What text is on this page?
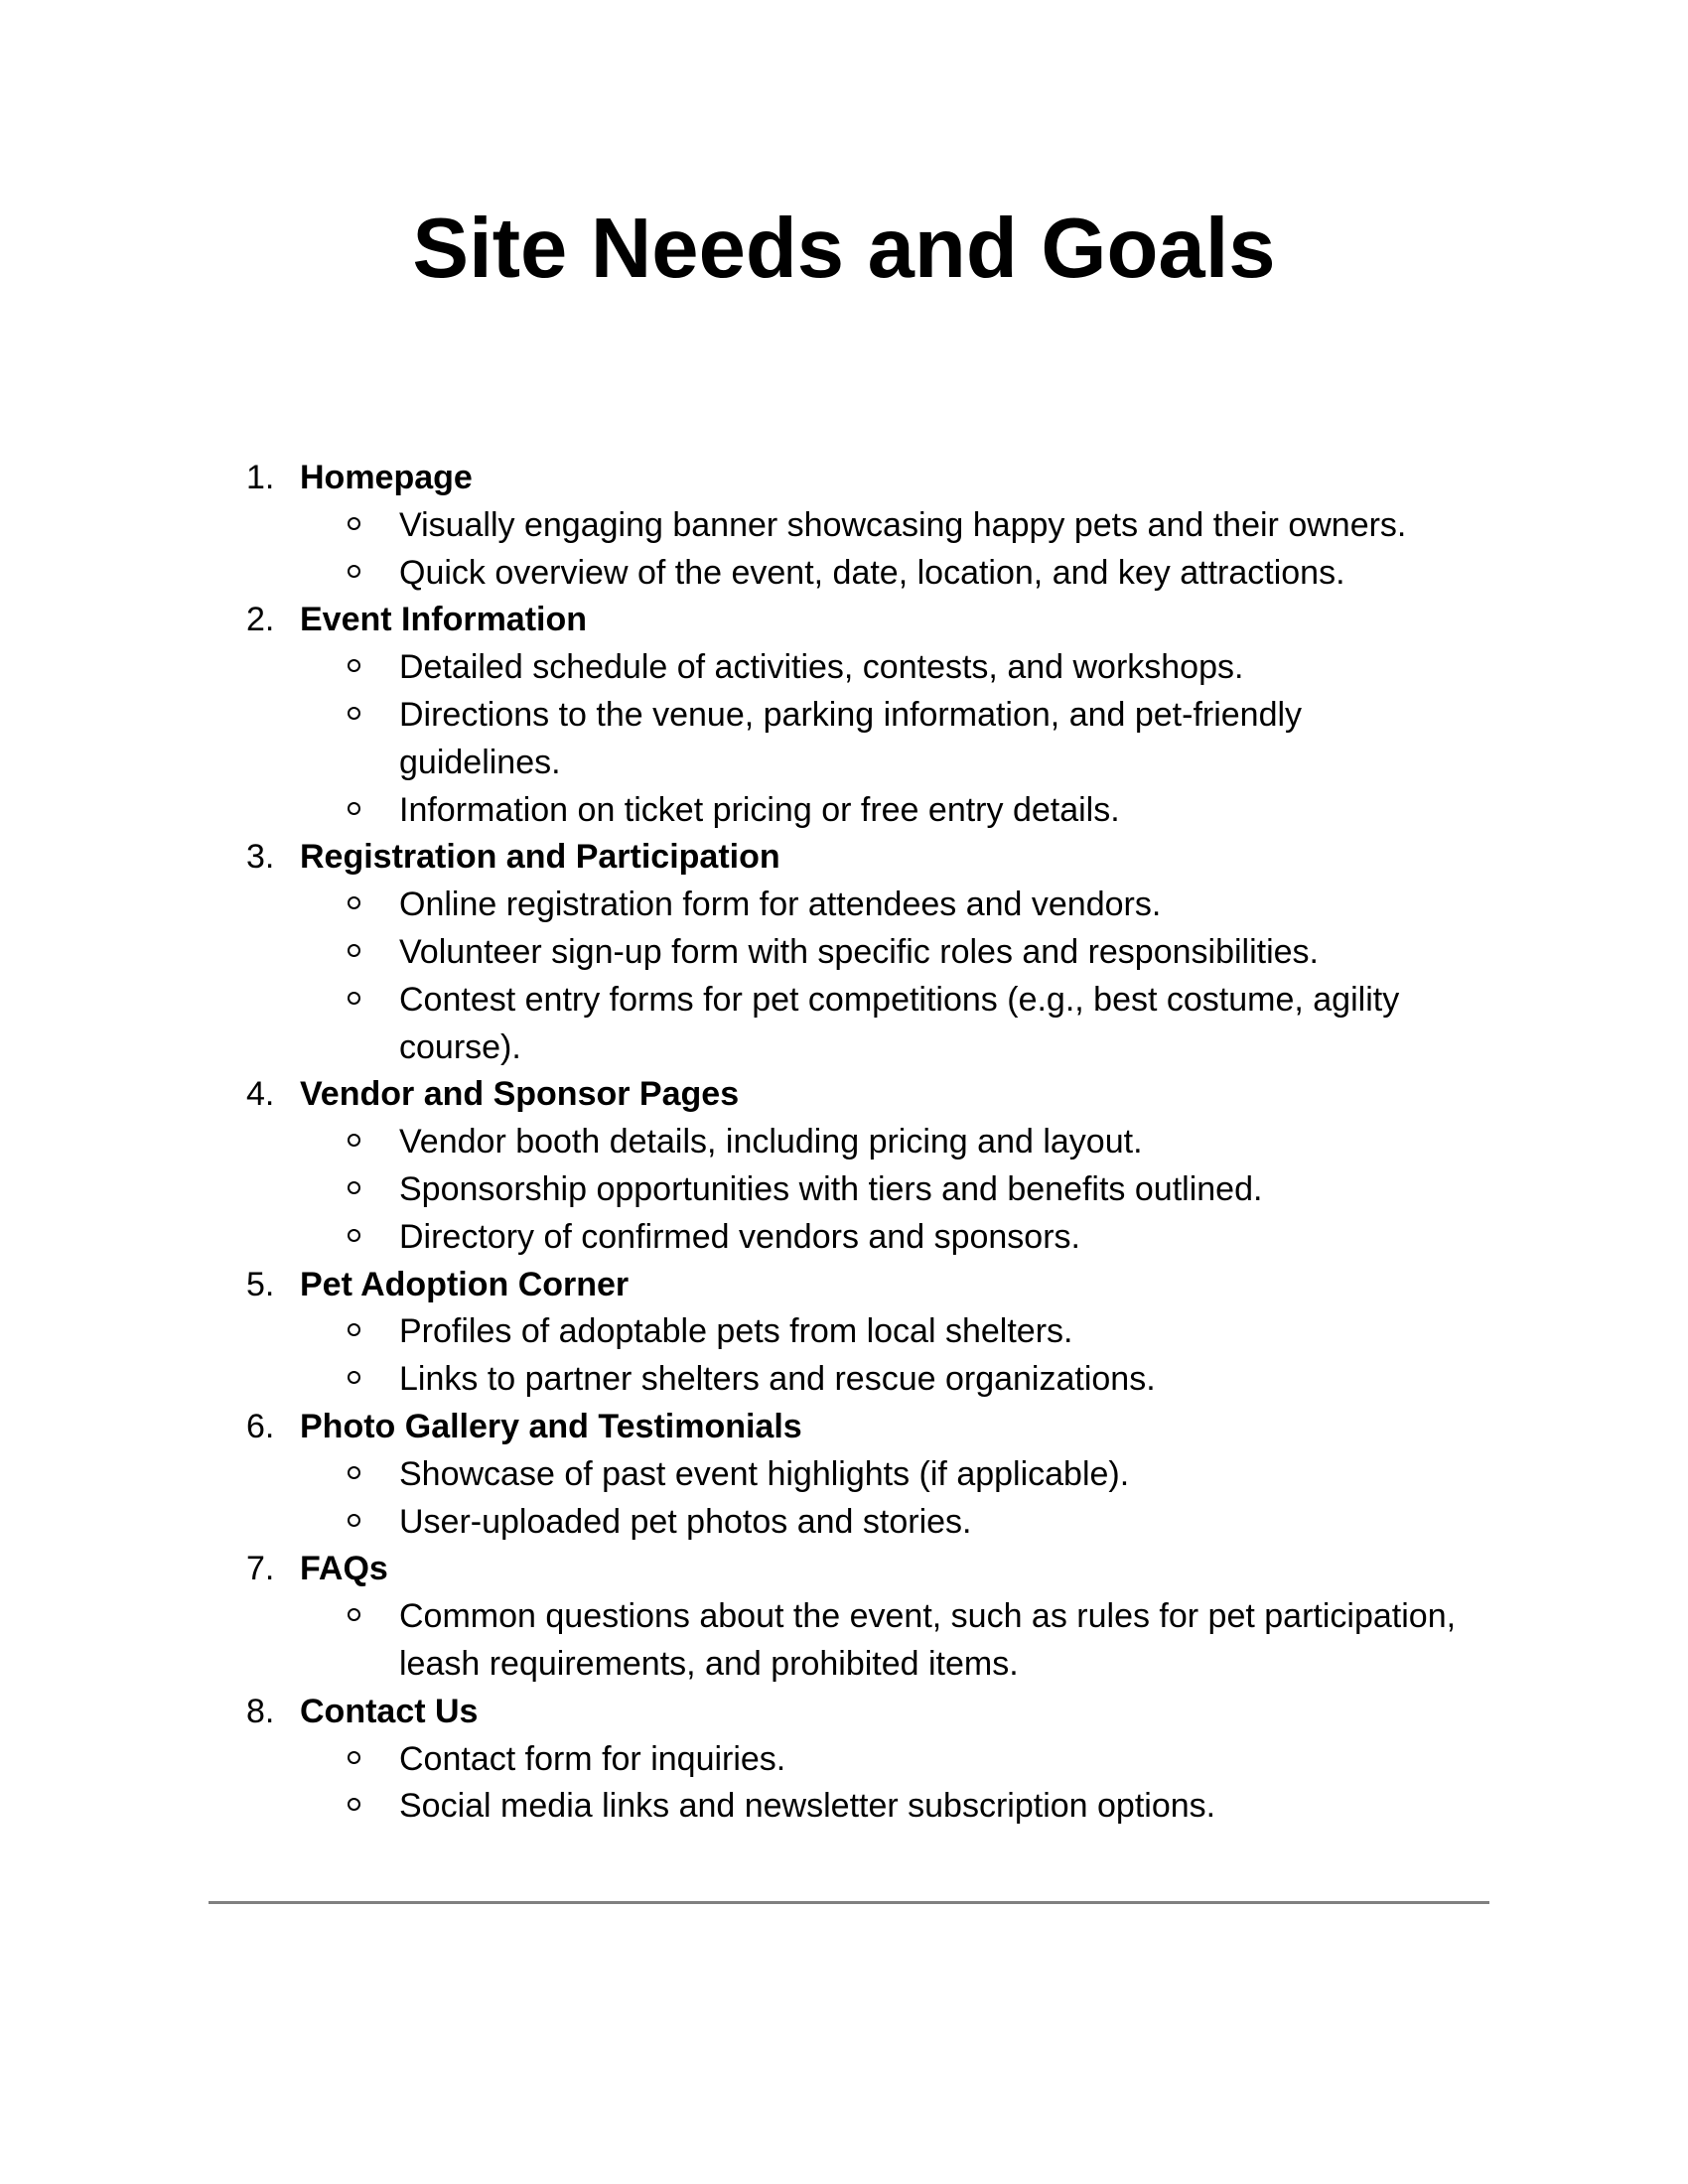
Site Needs and Goals
1. Homepage
Visually engaging banner showcasing happy pets and their owners.
Quick overview of the event, date, location, and key attractions.
2. Event Information
Detailed schedule of activities, contests, and workshops.
Directions to the venue, parking information, and pet-friendly guidelines.
Information on ticket pricing or free entry details.
3. Registration and Participation
Online registration form for attendees and vendors.
Volunteer sign-up form with specific roles and responsibilities.
Contest entry forms for pet competitions (e.g., best costume, agility course).
4. Vendor and Sponsor Pages
Vendor booth details, including pricing and layout.
Sponsorship opportunities with tiers and benefits outlined.
Directory of confirmed vendors and sponsors.
5. Pet Adoption Corner
Profiles of adoptable pets from local shelters.
Links to partner shelters and rescue organizations.
6. Photo Gallery and Testimonials
Showcase of past event highlights (if applicable).
User-uploaded pet photos and stories.
7. FAQs
Common questions about the event, such as rules for pet participation, leash requirements, and prohibited items.
8. Contact Us
Contact form for inquiries.
Social media links and newsletter subscription options.
